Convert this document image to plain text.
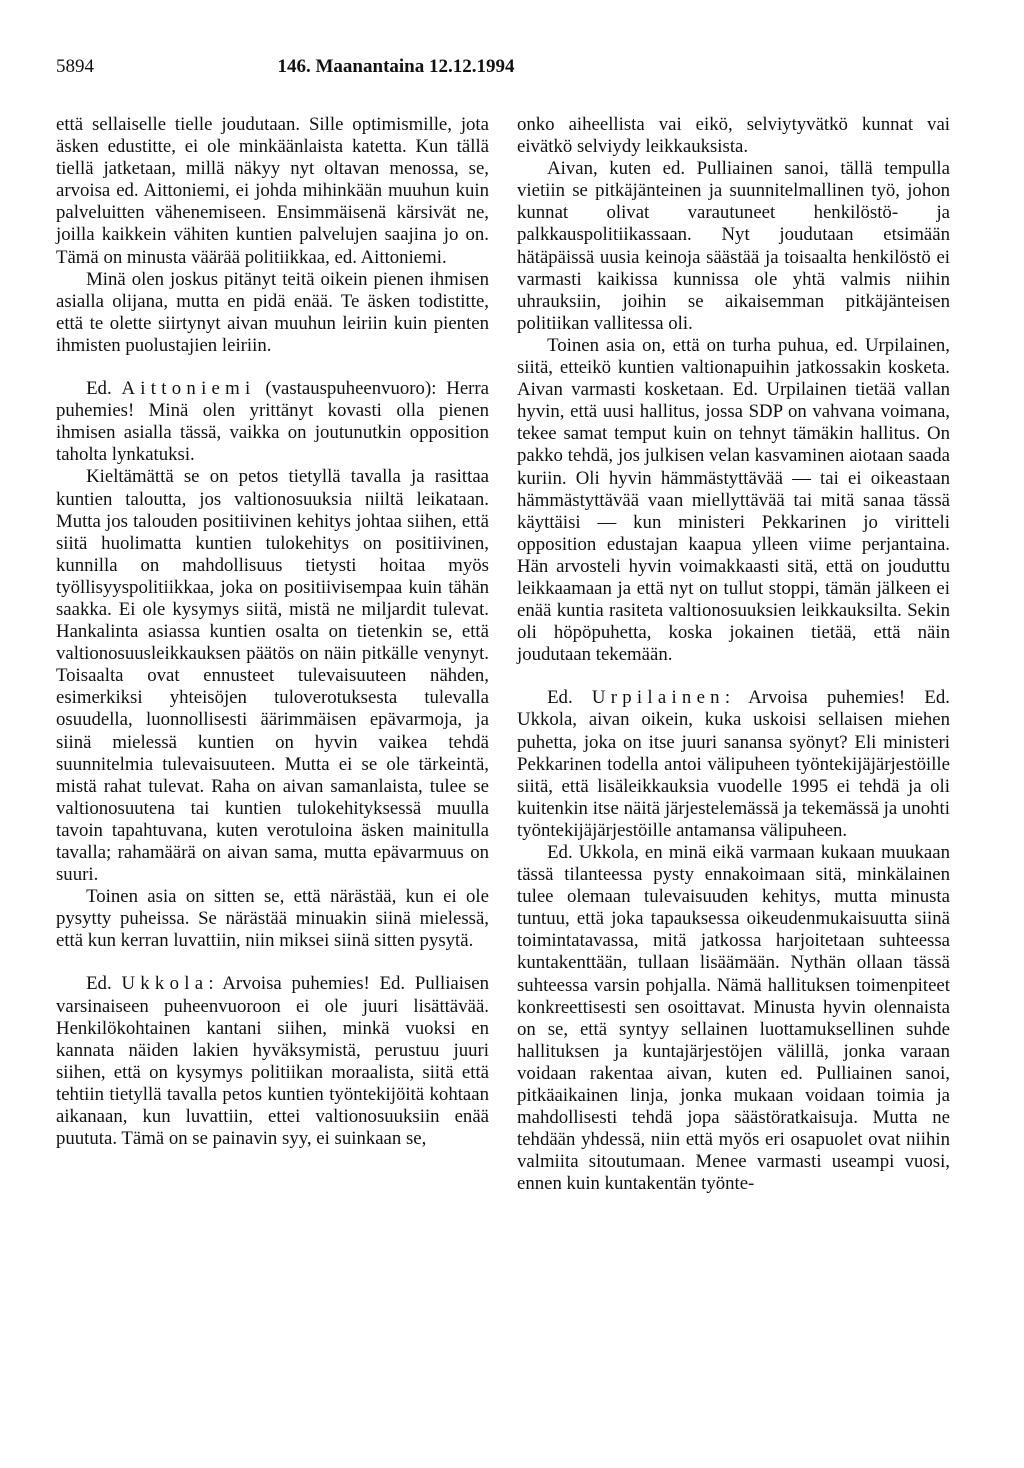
5894	146. Maanantaina 12.12.1994

että sellaiselle tielle joudutaan. Sille optimismille, jota äsken edustitte, ei ole minkäänlaista katetta. Kun tällä tiellä jatketaan, millä näkyy nyt oltavan menossa, se, arvoisa ed. Aittoniemi, ei johda mihinkään muuhun kuin palveluitten vähenemiseen. Ensimmäisenä kärsivät ne, joilla kaikkein vähiten kuntien palvelujen saajina jo on. Tämä on minusta väärää politiikkaa, ed. Aittoniemi.

Minä olen joskus pitänyt teitä oikein pienen ihmisen asialla olijana, mutta en pidä enää. Te äsken todistitte, että te olette siirtynyt aivan muuhun leiriin kuin pienten ihmisten puolustajien leiriin.

Ed. Aittoniemi (vastauspuheenvuoro): Herra puhemies! Minä olen yrittänyt kovasti olla pienen ihmisen asialla tässä, vaikka on joutunutkin opposition taholta lynkatuksi.

Kieltämättä se on petos tietyllä tavalla ja rasittaa kuntien taloutta, jos valtionosuuksia niiltä leikataan. Mutta jos talouden positiivinen kehitys johtaa siihen, että siitä huolimatta kuntien tulokehitys on positiivinen, kunnilla on mahdollisuus tietysti hoitaa myös työllisyyspolitiikkaa, joka on positiivisempaa kuin tähän saakka. Ei ole kysymys siitä, mistä ne miljardit tulevat. Hankalinta asiassa kuntien osalta on tietenkin se, että valtionosuusleikkauksen päätös on näin pitkälle venynyt. Toisaalta ovat ennusteet tulevaisuuteen nähden, esimerkiksi yhteisöjen tuloverotuksesta tulevalla osuudella, luonnollisesti äärimmäisen epävarmoja, ja siinä mielessä kuntien on hyvin vaikea tehdä suunnitelmia tulevaisuuteen. Mutta ei se ole tärkeintä, mistä rahat tulevat. Raha on aivan samanlaista, tulee se valtionosuutena tai kuntien tulokehityksessä muulla tavoin tapahtuvana, kuten verotuloina äsken mainitulla tavalla; rahamäärä on aivan sama, mutta epävarmuus on suuri.

Toinen asia on sitten se, että närästää, kun ei ole pysytty puheissa. Se närästää minuakin siinä mielessä, että kun kerran luvattiin, niin miksei siinä sitten pysytä.

Ed. Ukkola: Arvoisa puhemies! Ed. Pulliaisen varsinaiseen puheenvuoroon ei ole juuri lisättävää. Henkilökohtainen kantani siihen, minkä vuoksi en kannata näiden lakien hyväksymistä, perustuu juuri siihen, että on kysymys politiikan moraalista, siitä että tehtiin tietyllä tavalla petos kuntien työntekijöitä kohtaan aikanaan, kun luvattiin, ettei valtionosuuksiin enää puututa. Tämä on se painavin syy, ei suinkaan se,

onko aiheellista vai eikö, selviytyvätkö kunnat vai eivätkö selviydy leikkauksista.

Aivan, kuten ed. Pulliainen sanoi, tällä tempulla vietiin se pitkäjänteinen ja suunnitelmallinen työ, johon kunnat olivat varautuneet henkilöstö- ja palkkauspolitiikassaan. Nyt joudutaan etsimään hätäpäissä uusia keinoja säästää ja toisaalta henkilöstö ei varmasti kaikissa kunnissa ole yhtä valmis niihin uhrauksiin, joihin se aikaisemman pitkäjänteisen politiikan vallitessa oli.

Toinen asia on, että on turha puhua, ed. Urpilainen, siitä, etteikö kuntien valtionapuihin jatkossakin kosketa. Aivan varmasti kosketaan. Ed. Urpilainen tietää vallan hyvin, että uusi hallitus, jossa SDP on vahvana voimana, tekee samat temput kuin on tehnyt tämäkin hallitus. On pakko tehdä, jos julkisen velan kasvaminen aiotaan saada kuriin. Oli hyvin hämmästyttävää — tai ei oikeastaan hämmästyttävää vaan miellyttävää tai mitä sanaa tässä käyttäisi — kun ministeri Pekkarinen jo viritteli opposition edustajan kaapua ylleen viime perjantaina. Hän arvosteli hyvin voimakkaasti sitä, että on jouduttu leikkaamaan ja että nyt on tullut stoppi, tämän jälkeen ei enää kuntia rasiteta valtionosuuksien leikkauksilta. Sekin oli höpöpuhetta, koska jokainen tietää, että näin joudutaan tekemään.

Ed. Urpilainen: Arvoisa puhemies! Ed. Ukkola, aivan oikein, kuka uskoisi sellaisen miehen puhetta, joka on itse juuri sanansa syönyt? Eli ministeri Pekkarinen todella antoi välipuheen työntekijäjärjestöille siitä, että lisäleikkauksia vuodelle 1995 ei tehdä ja oli kuitenkin itse näitä järjestelemässä ja tekemässä ja unohti työntekijäjärjestöille antamansa välipuheen.

Ed. Ukkola, en minä eikä varmaan kukaan muukaan tässä tilanteessa pysty ennakoimaan sitä, minkälainen tulee olemaan tulevaisuuden kehitys, mutta minusta tuntuu, että joka tapauksessa oikeudenmukaisuutta siinä toimintatavassa, mitä jatkossa harjoitetaan suhteessa kuntakenttään, tullaan lisäämään. Nythän ollaan tässä suhteessa varsin pohjalla. Nämä hallituksen toimenpiteet konkreettisesti sen osoittavat. Minusta hyvin olennaista on se, että syntyy sellainen luottamuksellinen suhde hallituksen ja kuntajärjestöjen välillä, jonka varaan voidaan rakentaa aivan, kuten ed. Pulliainen sanoi, pitkäaikainen linja, jonka mukaan voidaan toimia ja mahdollisesti tehdä jopa säästöratkaisuja. Mutta ne tehdään yhdessä, niin että myös eri osapuolet ovat niihin valmiita sitoutumaan. Menee varmasti useampi vuosi, ennen kuin kuntakentän työnte-
